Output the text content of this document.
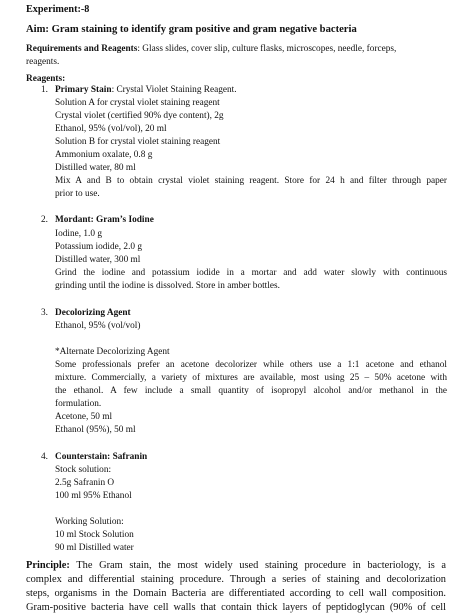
Experiment:-8
Aim: Gram staining to identify gram positive and gram negative bacteria
Requirements and Reagents: Glass slides, cover slip, culture flasks, microscopes, needle, forceps,
reagents.
Reagents:
1. Primary Stain: Crystal Violet Staining Reagent.
Solution A for crystal violet staining reagent
Crystal violet (certified 90% dye content), 2g
Ethanol, 95% (vol/vol), 20 ml
Solution B for crystal violet staining reagent
Ammonium oxalate, 0.8 g
Distilled water, 80 ml
Mix A and B to obtain crystal violet staining reagent. Store for 24 h and filter through paper
prior to use.
2. Mordant: Gram’s Iodine
Iodine, 1.0 g
Potassium iodide, 2.0 g
Distilled water, 300 ml
Grind the iodine and potassium iodide in a mortar and add water slowly with continuous
grinding until the iodine is dissolved. Store in amber bottles.
3. Decolorizing Agent
Ethanol, 95% (vol/vol)
*Alternate Decolorizing Agent
Some professionals prefer an acetone decolorizer while others use a 1:1 acetone and ethanol
mixture. Commercially, a variety of mixtures are available, most using 25 – 50% acetone with
the ethanol. A few include a small quantity of isopropyl alcohol and/or methanol in the
formulation.
Acetone, 50 ml
Ethanol (95%), 50 ml
4. Counterstain: Safranin
Stock solution:
2.5g Safranin O
100 ml 95% Ethanol
Working Solution:
10 ml Stock Solution
90 ml Distilled water
Principle: The Gram stain, the most widely used staining procedure in bacteriology, is a
complex and differential staining procedure. Through a series of staining and decolorization
steps, organisms in the Domain Bacteria are differentiated according to cell wall composition.
Gram-positive bacteria have cell walls that contain thick layers of peptidoglycan (90% of cell
